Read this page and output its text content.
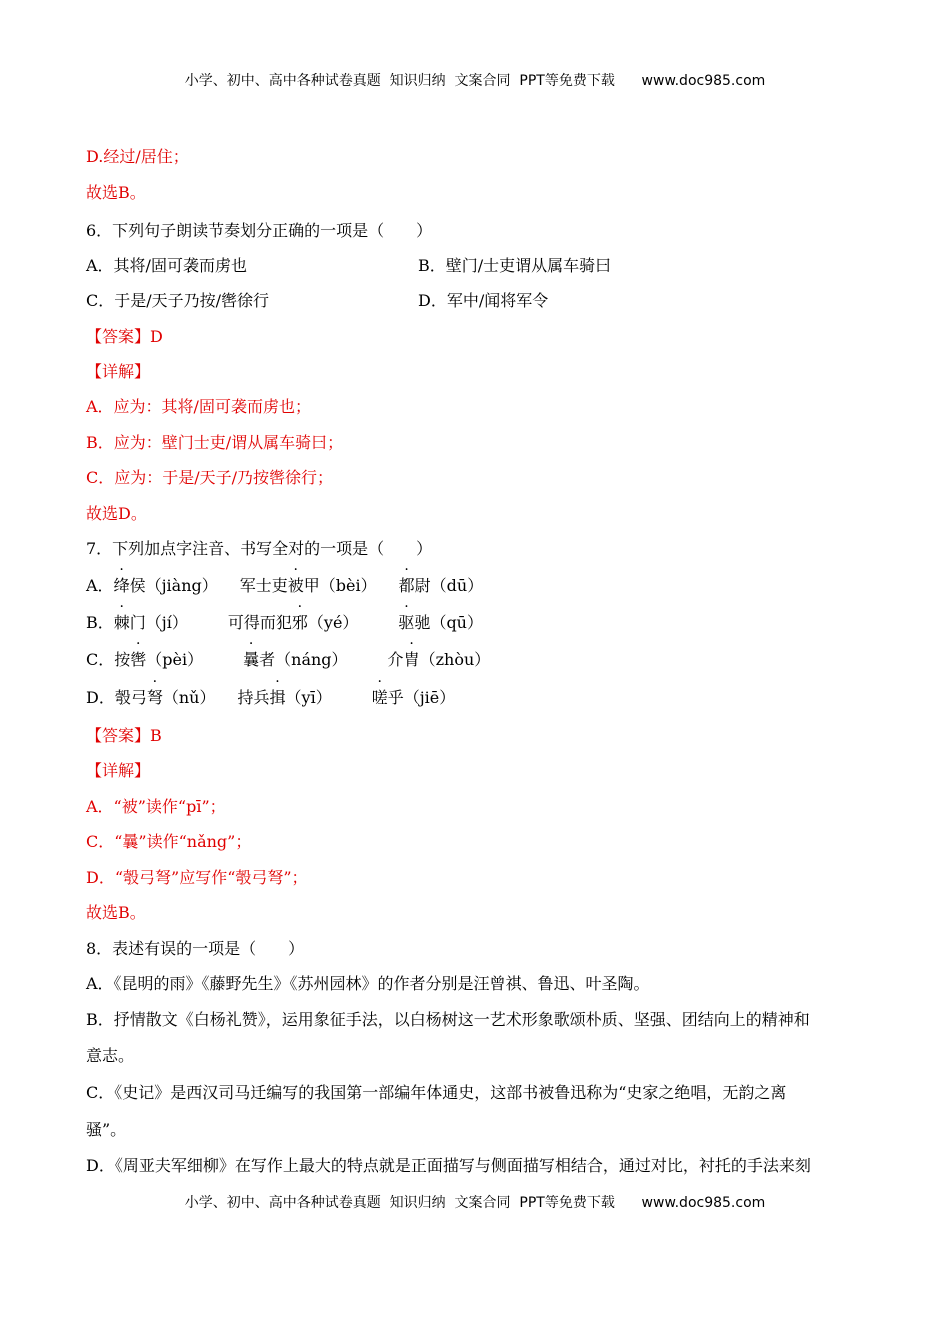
小学、初中、高中各种试卷真题  知识归纳  文案合同  PPT等免费下载      www.doc985.com
D.经过/居住；
故选B。
6．下列句子朗读节奏划分正确的一项是（　　）
A．其将/固可袭而虏也	B．壁门/士吏谓从属车骑曰
C．于是/天子乃按/辔徐行	D．军中/闻将军令
【答案】D
【详解】
A．应为：其将/固可袭而虏也；
B．应为：壁门士吏/谓从属车骑曰；
C．应为：于是/天子/乃按辔徐行；
故选D。
7．下列加点字注音、书写全对的一项是（　　）
A．绛侯（jiàng） 军士吏被甲（bèi） 都尉（dū）
B．棘门（jí）	可得而犯邪（yé）	驱驰（qū）
C．按辔（pèi）	曩者（náng）	介胄（zhòu）
D．彀弓弩（nǔ） 持兵揖（yī）	嗟乎（jiē）
【答案】B
【详解】
A．“被”读作“pī”；
C．“曩”读作“nǎng”；
D．“彀弓弩”应写作“彀弓弩”；
故选B。
8．表述有误的一项是（　　）
A．《昆明的雨》《藤野先生》《苏州园林》的作者分别是汪曾祺、鲁迅、叶圣陶。
B．抒情散文《白杨礼赞》，运用象征手法，以白杨树这一艺术形象歌颂朴质、坚强、团结向上的精神和
意志。
C．《史记》是西汉司马迁编写的我国第一部编年体通史，这部书被鲁迅称为“史家之绝唱，无韵之离
骚”。
D．《周亚夫军细柳》在写作上最大的特点就是正面描写与侧面描写相结合，通过对比，衬托的手法来刻
小学、初中、高中各种试卷真题  知识归纳  文案合同  PPT等免费下载      www.doc985.com
